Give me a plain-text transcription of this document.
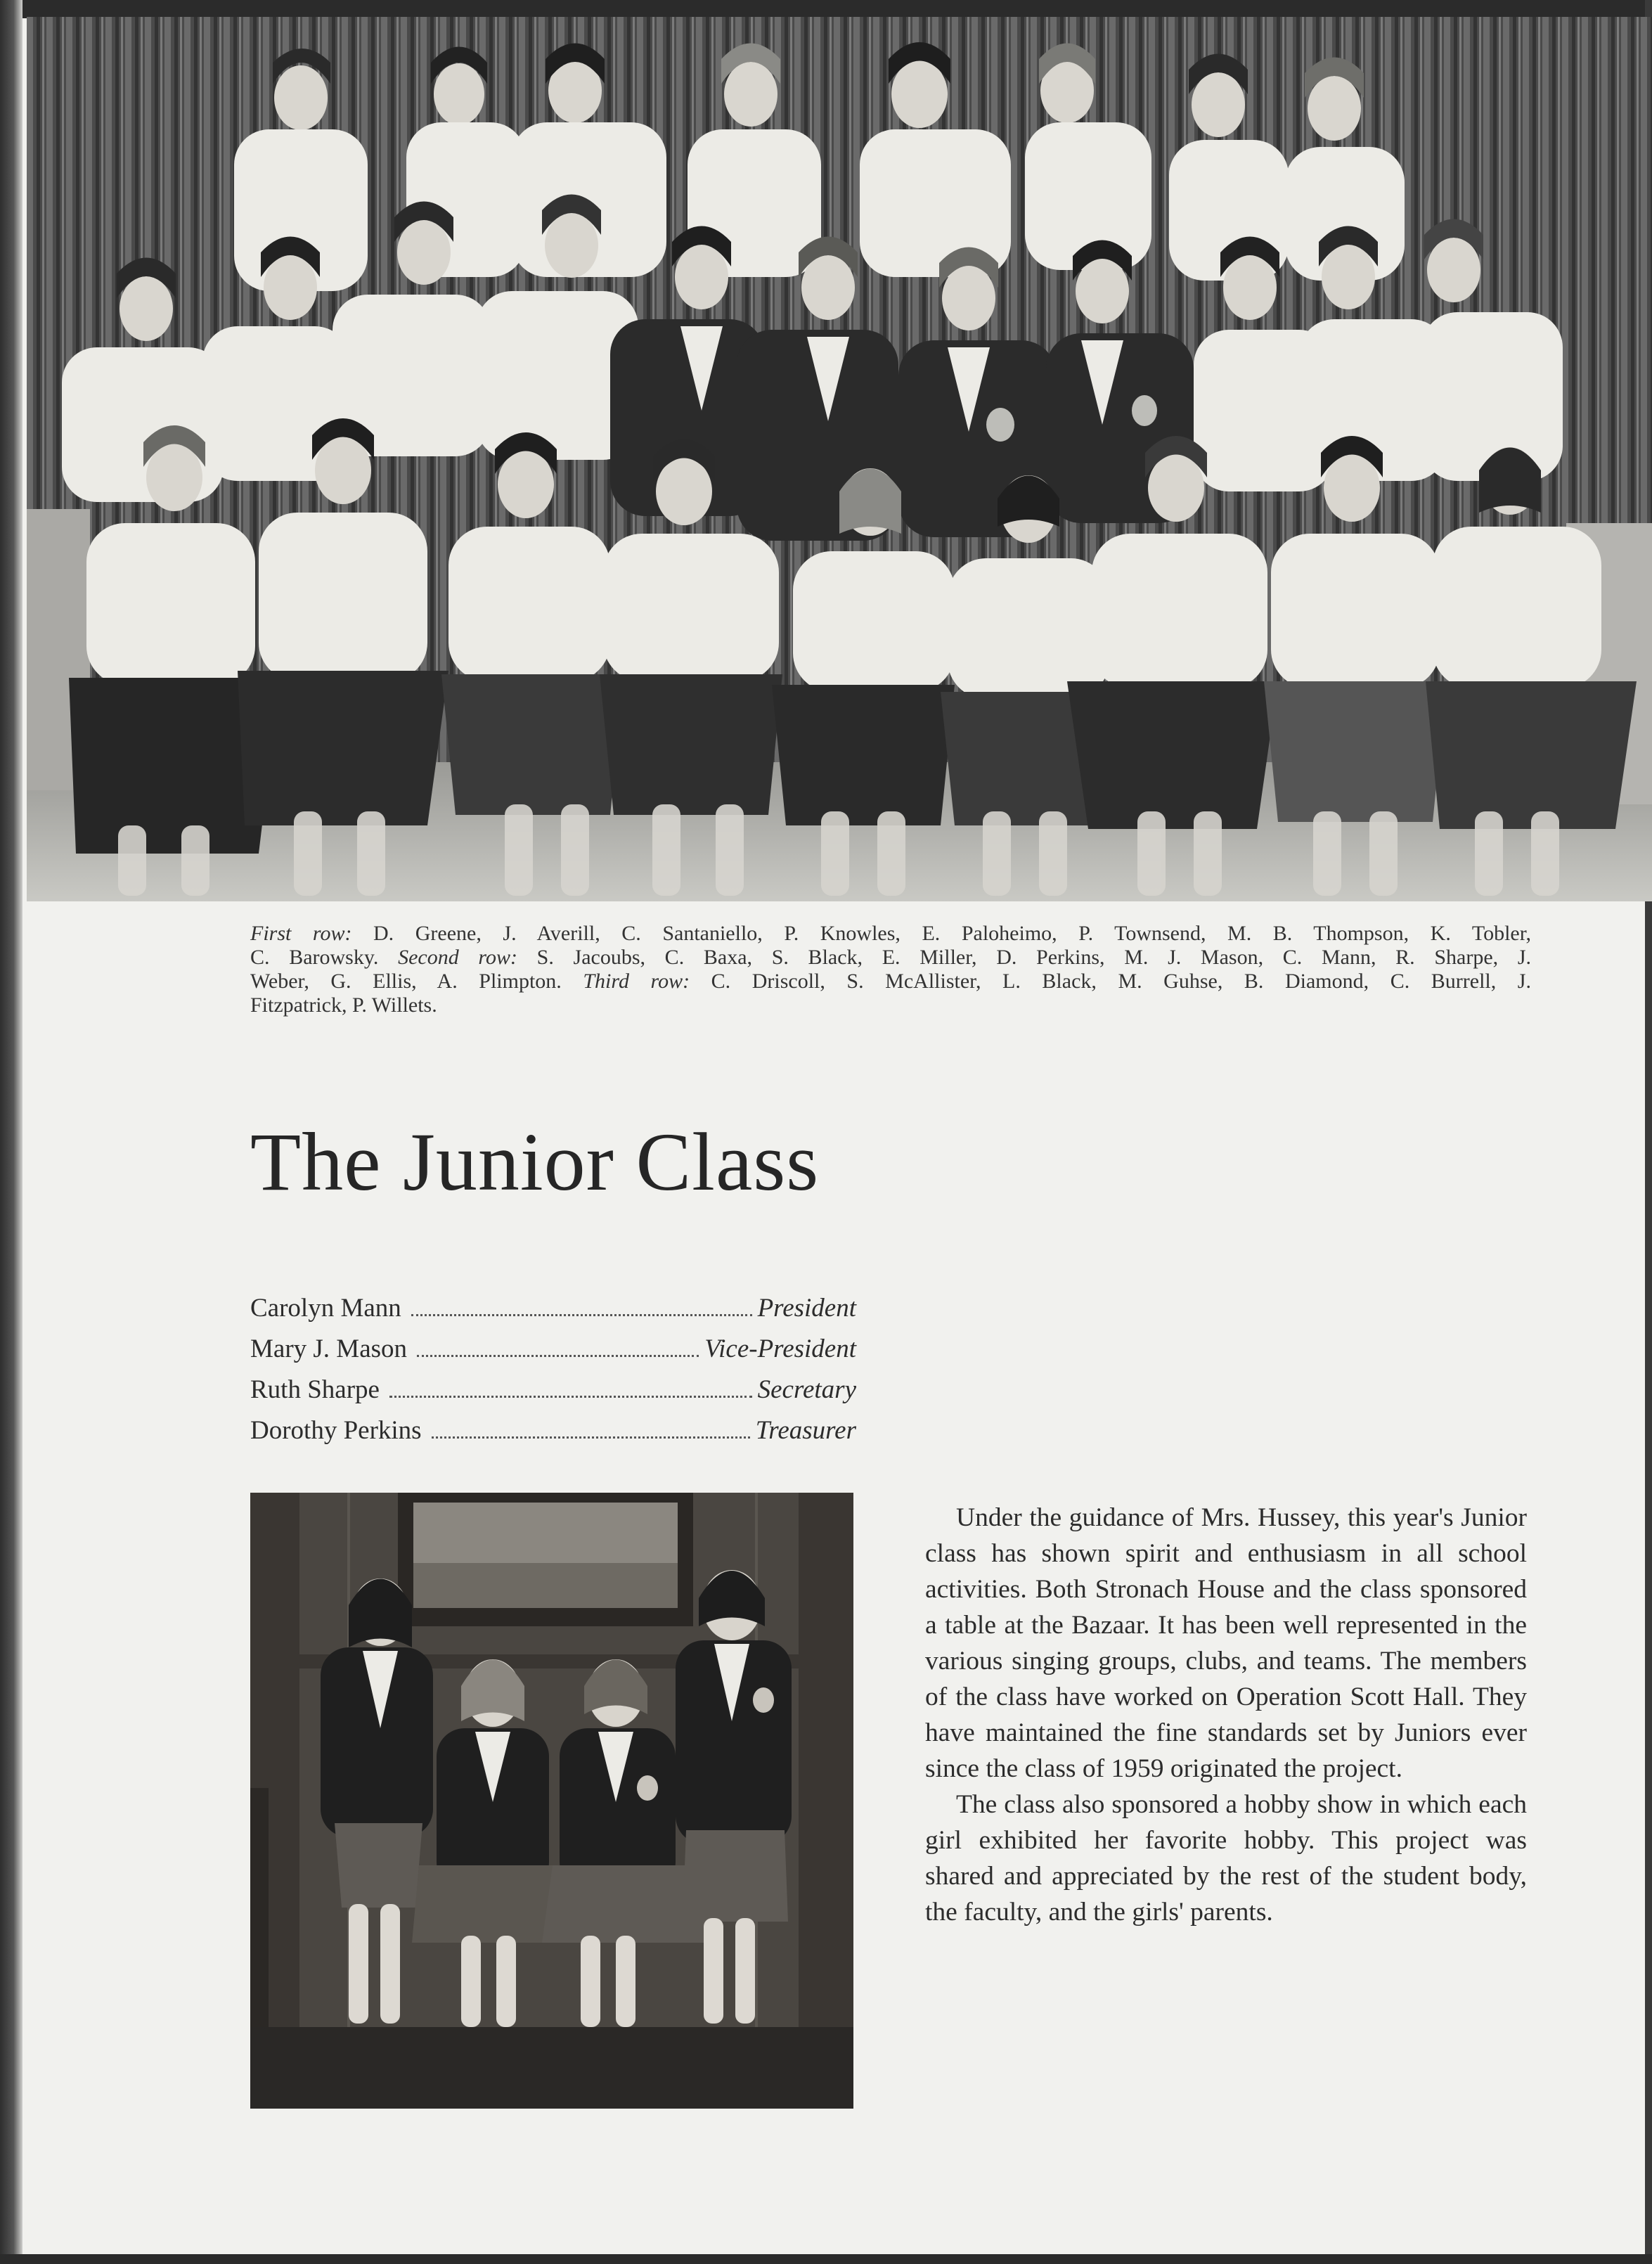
First row: D. Greene, J. Averill, C. Santaniello, P. Knowles, E. Paloheimo, P. Townsend, M. B. Thompson, K. Tobler,
C. Barowsky. Second row: S. Jacoubs, C. Baxa, S. Black, E. Miller, D. Perkins, M. J. Mason, C. Mann, R. Sharpe, J.
Weber, G. Ellis, A. Plimpton. Third row: C. Driscoll, S. McAllister, L. Black, M. Guhse, B. Diamond, C. Burrell, J.
Fitzpatrick, P. Willets.
The Junior Class
Carolyn Mann	President
Mary J. Mason	Vice-President
Ruth Sharpe	Secretary
Dorothy Perkins	Treasurer

Under the guidance of Mrs. Hussey, this year's Junior class has shown spirit and enthusiasm in all school activities. Both Stronach House and the class sponsored a table at the Bazaar. It has been well represented in the various singing groups, clubs, and teams. The members of the class have worked on Operation Scott Hall. They have maintained the fine standards set by Juniors ever since the class of 1959 originated the project.

The class also sponsored a hobby show in which each girl exhibited her favorite hobby. This project was shared and appreciated by the rest of the student body, the faculty, and the girls' parents.
